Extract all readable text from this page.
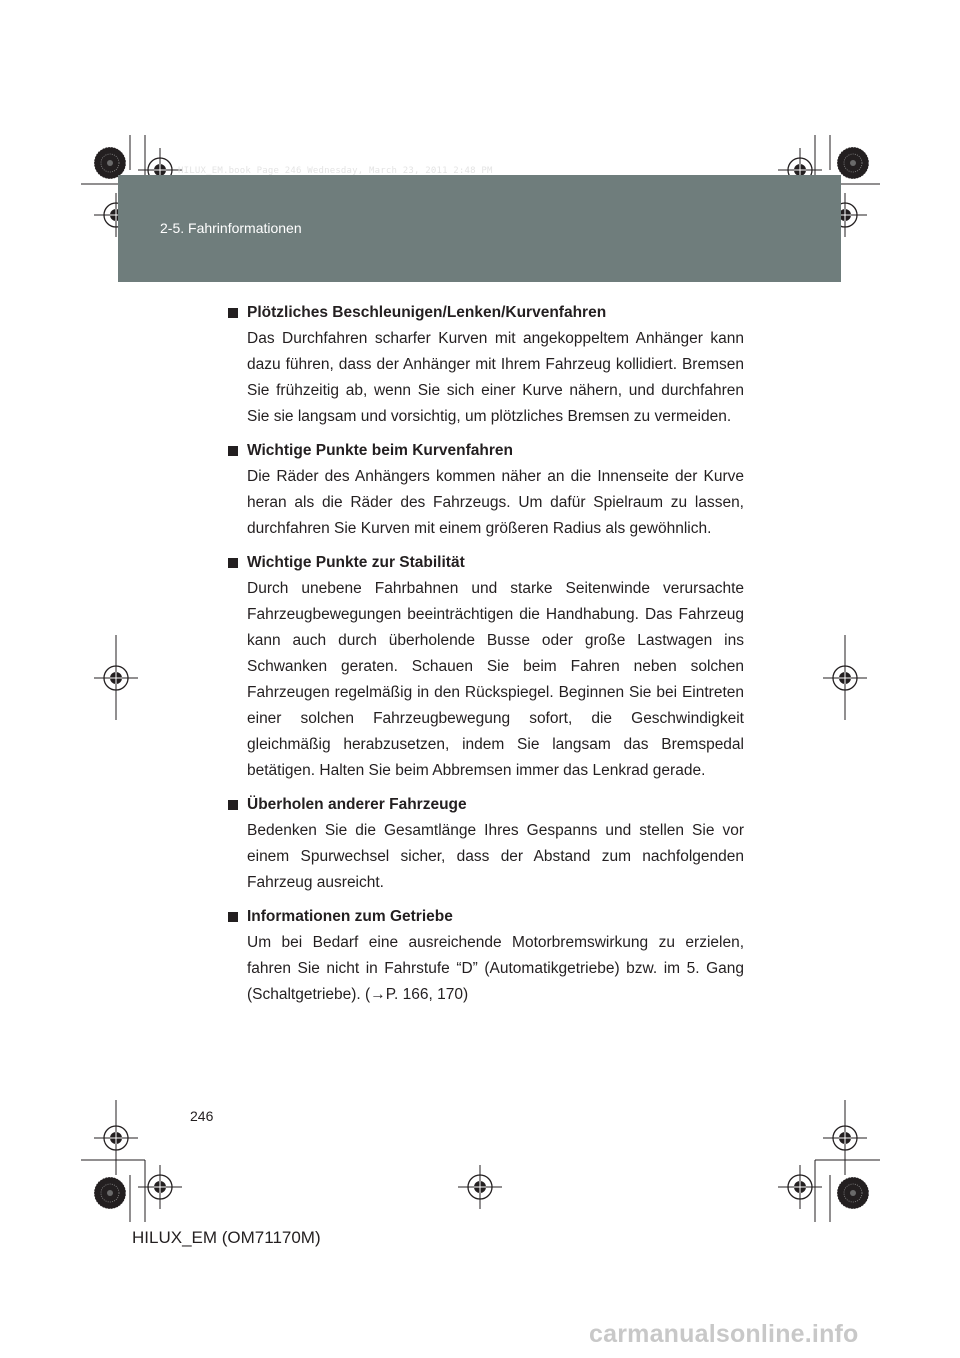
HILUX_EM.book Page 246 Wednesday, March 23, 2011 2:48 PM
2-5. Fahrinformationen
Plötzliches Beschleunigen/Lenken/Kurvenfahren
Das Durchfahren scharfer Kurven mit angekoppeltem Anhänger kann dazu führen, dass der Anhänger mit Ihrem Fahrzeug kollidiert. Bremsen Sie frühzeitig ab, wenn Sie sich einer Kurve nähern, und durchfahren Sie sie langsam und vorsichtig, um plötzliches Bremsen zu vermeiden.
Wichtige Punkte beim Kurvenfahren
Die Räder des Anhängers kommen näher an die Innenseite der Kurve heran als die Räder des Fahrzeugs. Um dafür Spielraum zu lassen, durchfahren Sie Kurven mit einem größeren Radius als gewöhnlich.
Wichtige Punkte zur Stabilität
Durch unebene Fahrbahnen und starke Seitenwinde verursachte Fahrzeugbewegungen beeinträchtigen die Handhabung. Das Fahrzeug kann auch durch überholende Busse oder große Lastwagen ins Schwanken geraten. Schauen Sie beim Fahren neben solchen Fahrzeugen regelmäßig in den Rückspiegel. Beginnen Sie bei Eintreten einer solchen Fahrzeugbewegung sofort, die Geschwindigkeit gleichmäßig herabzusetzen, indem Sie langsam das Bremspedal betätigen. Halten Sie beim Abbremsen immer das Lenkrad gerade.
Überholen anderer Fahrzeuge
Bedenken Sie die Gesamtlänge Ihres Gespanns und stellen Sie vor einem Spurwechsel sicher, dass der Abstand zum nachfolgenden Fahrzeug ausreicht.
Informationen zum Getriebe
Um bei Bedarf eine ausreichende Motorbremswirkung zu erzielen, fahren Sie nicht in Fahrstufe “D” (Automatikgetriebe) bzw. im 5. Gang (Schaltgetriebe). (→P. 166, 170)
246
HILUX_EM (OM71170M)
carmanualsonline.info
